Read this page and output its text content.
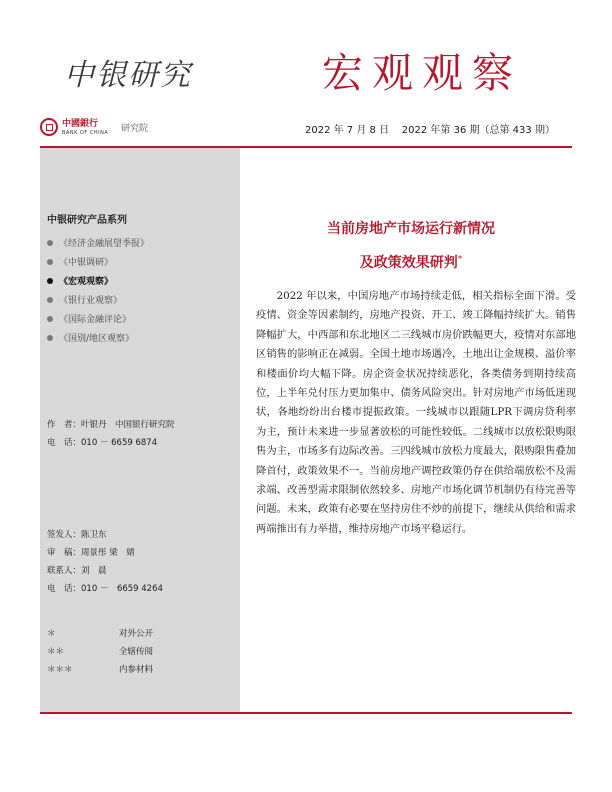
中银研究	宏观观察
中國銀行
BANK OF CHINA 研究院	2022 年 7 月 8 日 2022 年第 36 期（总第 433 期）
中银研究产品系列
《经济金融展望季报》
《中银调研》
《宏观观察》
《银行业观察》
《国际金融评论》
《国别/地区观察》
作　者：叶银丹　中国银行研究院
电　话：010 － 6659 6874
签发人：陈卫东
审　稿：周景彤 梁　婧
联系人：刘　晨
电　话：010 －　6659 4264
＊	对外公开
＊＊	全辖传阅
＊＊＊	内参材料
当前房地产市场运行新情况
及政策效果研判*

2022 年以来，中国房地产市场持续走低，相关指标全面下滑。受疫情、资金等因素制约，房地产投资、开工、竣工降幅持续扩大。销售降幅扩大，中西部和东北地区二三线城市房价跌幅更大，疫情对东部地区销售的影响正在减弱。全国土地市场遇冷，土地出让金规模、溢价率和楼面价均大幅下降。房企资金状况持续恶化，各类债务到期持续高位，上半年兑付压力更加集中、债务风险突出。针对房地产市场低迷现状，各地纷纷出台楼市提振政策。一线城市以跟随LPR下调房贷利率为主，预计未来进一步显著放松的可能性较低。二线城市以放松限购限售为主，市场多有边际改善。三四线城市放松力度最大，限购限售叠加降首付，政策效果不一。当前房地产调控政策仍存在供给端放松不及需求端、改善型需求限制依然较多、房地产市场化调节机制仍有待完善等问题。未来，政策有必要在坚持房住不炒的前提下，继续从供给和需求两端推出有力举措，维持房地产市场平稳运行。
